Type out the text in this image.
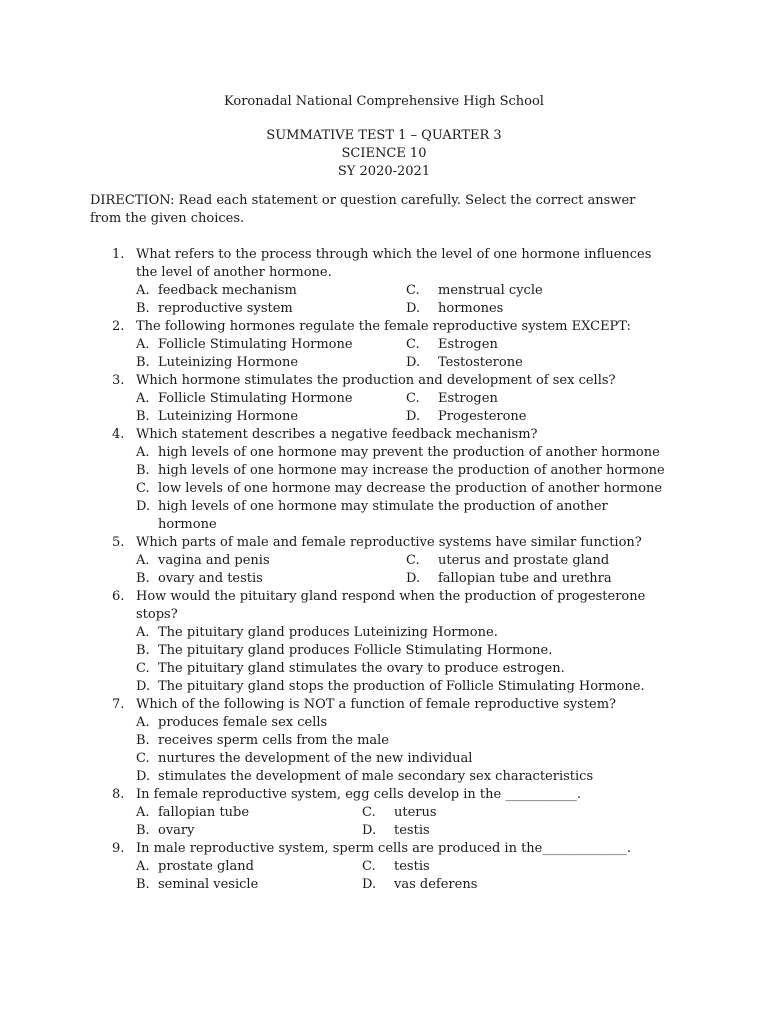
Koronadal National Comprehensive High School
SUMMATIVE TEST 1 – QUARTER 3
SCIENCE 10
SY 2020-2021
DIRECTION: Read each statement or question carefully. Select the correct answer
from the given choices.
1. What refers to the process through which the level of one hormone influences
the level of another hormone.
A. feedback mechanism	C. menstrual cycle
B. reproductive system	D. hormones
2. The following hormones regulate the female reproductive system EXCEPT:
A. Follicle Stimulating Hormone	C. Estrogen
B. Luteinizing Hormone	D. Testosterone
3. Which hormone stimulates the production and development of sex cells?
A. Follicle Stimulating Hormone	C. Estrogen
B. Luteinizing Hormone	D. Progesterone
4. Which statement describes a negative feedback mechanism?
A. high levels of one hormone may prevent the production of another hormone
B. high levels of one hormone may increase the production of another hormone
C. low levels of one hormone may decrease the production of another hormone
D. high levels of one hormone may stimulate the production of another
hormone
5. Which parts of male and female reproductive systems have similar function?
A. vagina and penis	C. uterus and prostate gland
B. ovary and testis	D. fallopian tube and urethra
6. How would the pituitary gland respond when the production of progesterone
stops?
A. The pituitary gland produces Luteinizing Hormone.
B. The pituitary gland produces Follicle Stimulating Hormone.
C. The pituitary gland stimulates the ovary to produce estrogen.
D. The pituitary gland stops the production of Follicle Stimulating Hormone.
7. Which of the following is NOT a function of female reproductive system?
A. produces female sex cells
B. receives sperm cells from the male
C. nurtures the development of the new individual
D. stimulates the development of male secondary sex characteristics
8. In female reproductive system, egg cells develop in the ___________.
A. fallopian tube	C. uterus
B. ovary	D. testis
9. In male reproductive system, sperm cells are produced in the_____________.
A. prostate gland	C. testis
B. seminal vesicle	D. vas deferens
